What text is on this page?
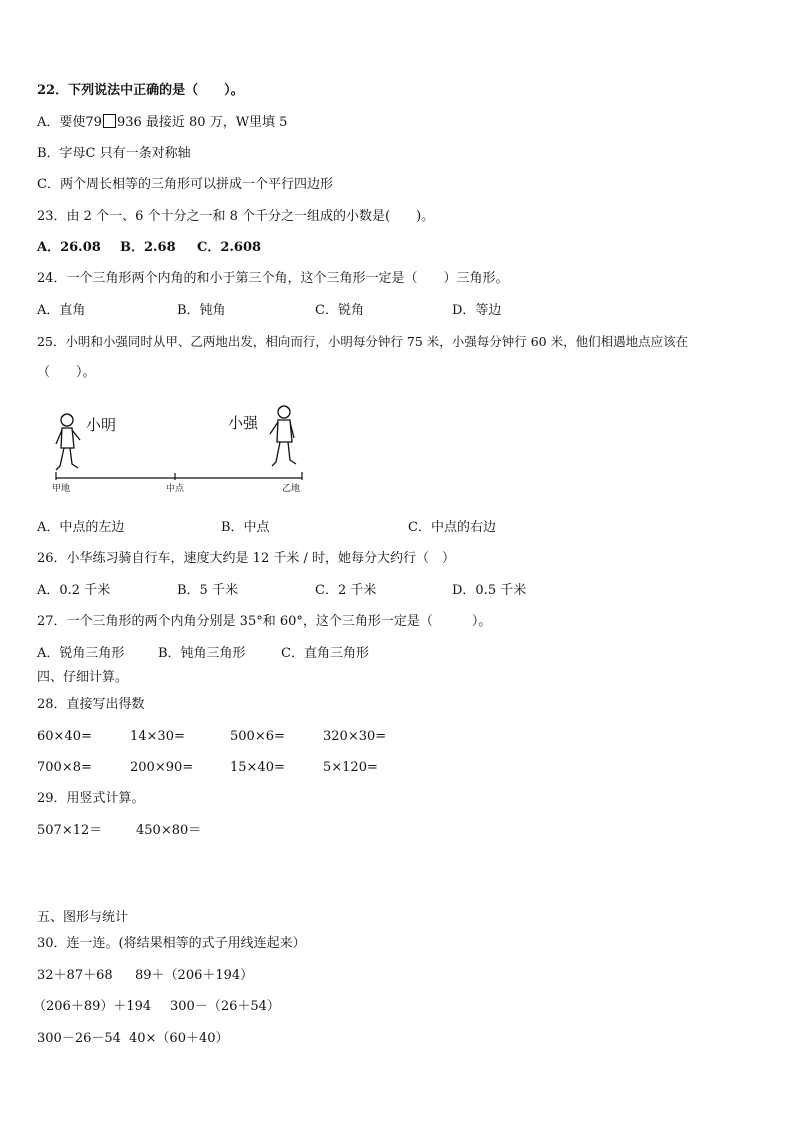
22．下列说法中正确的是（　　）。
A．要使79 936 最接近 80 万，W里填 5
B．字母C 只有一条对称轴
C．两个周长相等的三角形可以拼成一个平行四边形
23．由 2 个一、6 个十分之一和 8 个千分之一组成的小数是(　　)。
A．26.08 B．2.68 C．2.608
24．一个三角形两个内角的和小于第三个角，这个三角形一定是（　　）三角形。
A．直角	B．钝角	C．锐角	D．等边
25．小明和小强同时从甲、乙两地出发，相向而行，小明每分钟行 75 米，小强每分钟行 60 米，他们相遇地点应该在
（　　）。
小明	小强
甲地	中点	乙地
A．中点的左边	B．中点	C．中点的右边
26．小华练习骑自行车，速度大约是 12 千米 / 时，她每分大约行（　）
A．0.2 千米	B．5 千米	C．2 千米	D．0.5 千米
27．一个三角形的两个内角分别是 35°和 60°，这个三角形一定是（　　　）。
A．锐角三角形	B．钝角三角形	C．直角三角形
四、仔细计算。
28．直接写出得数
60×40=	14×30=	500×6=	320×30=
700×8=	200×90=	15×40=	5×120=
29．用竖式计算。
507×12＝	450×80＝
五、图形与统计
30．连一连。(将结果相等的式子用线连起来）
32＋87＋68 89＋（206＋194）
（206＋89）＋194 300－（26＋54）
300－26－54 40×（60＋40）
